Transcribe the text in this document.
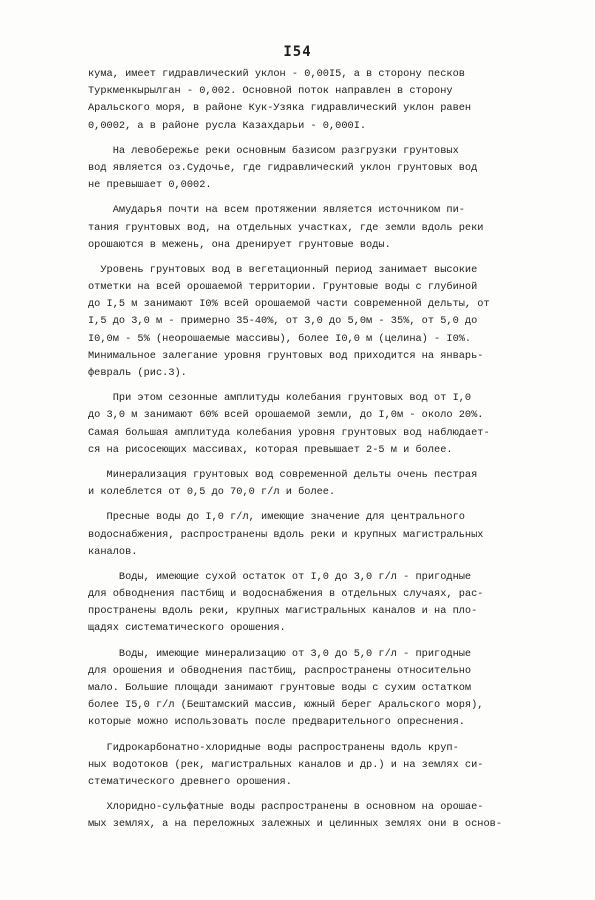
I54
кума, имеет гидравлический уклон - 0,00I5, а в сторону песков
Туркменкырылган - 0,002. Основной поток направлен в сторону
Аральского моря, в районе Кук-Узяка гидравлический уклон равен
0,0002, а в районе русла Казахдарьи - 0,000I.
На левобережье реки основным базисом разгрузки грунтовых
вод является оз.Судочье, где гидравлический уклон грунтовых вод
не превышает 0,0002.
Амударья почти на всем протяжении является источником пи-
тания грунтовых вод, на отдельных участках, где земли вдоль реки
орошаются в межень, она дренирует грунтовые воды.
Уровень грунтовых вод в вегетационный период занимает высокие
отметки на всей орошаемой территории. Грунтовые воды с глубиной
до I,5 м занимают I0% всей орошаемой части современной дельты, от
I,5 до 3,0 м - примерно 35-40%, от 3,0 до 5,0м - 35%, от 5,0 до
I0,0м - 5% (неорошаемые массивы), более I0,0 м (целина) - I0%.
Минимальное залегание уровня грунтовых вод приходится на январь-
февраль (рис.3).
При этом сезонные амплитуды колебания грунтовых вод от I,0
до 3,0 м занимают 60% всей орошаемой земли, до I,0м - около 20%.
Самая большая амплитуда колебания уровня грунтовых вод наблюдает-
ся на рисосеющих массивах, которая превышает 2-5 м и более.
Минерализация грунтовых вод современной дельты очень пестрая
и колеблется от 0,5 до 70,0 г/л и более.
Пресные воды до I,0 г/л, имеющие значение для центрального
водоснабжения, распространены вдоль реки и крупных магистральных
каналов.
Воды, имеющие сухой остаток от I,0 до 3,0 г/л - пригодные
для обводнения пастбищ и водоснабжения в отдельных случаях, рас-
пространены вдоль реки, крупных магистральных каналов и на пло-
щадях систематического орошения.
Воды, имеющие минерализацию от 3,0 до 5,0 г/л - пригодные
для орошения и обводнения пастбищ, распространены относительно
мало. Большие площади занимают грунтовые воды с сухим остатком
более I5,0 г/л (Бештамский массив, южный берег Аральского моря),
которые можно использовать после предварительного опреснения.
Гидрокарбонатно-хлоридные воды распространены вдоль круп-
ных водотоков (рек, магистральных каналов и др.) и на землях си-
стематического древнего орошения.
Хлоридно-сульфатные воды распространены в основном на орошае-
мых землях, а на переложных залежных и целинных землях они в основ-
